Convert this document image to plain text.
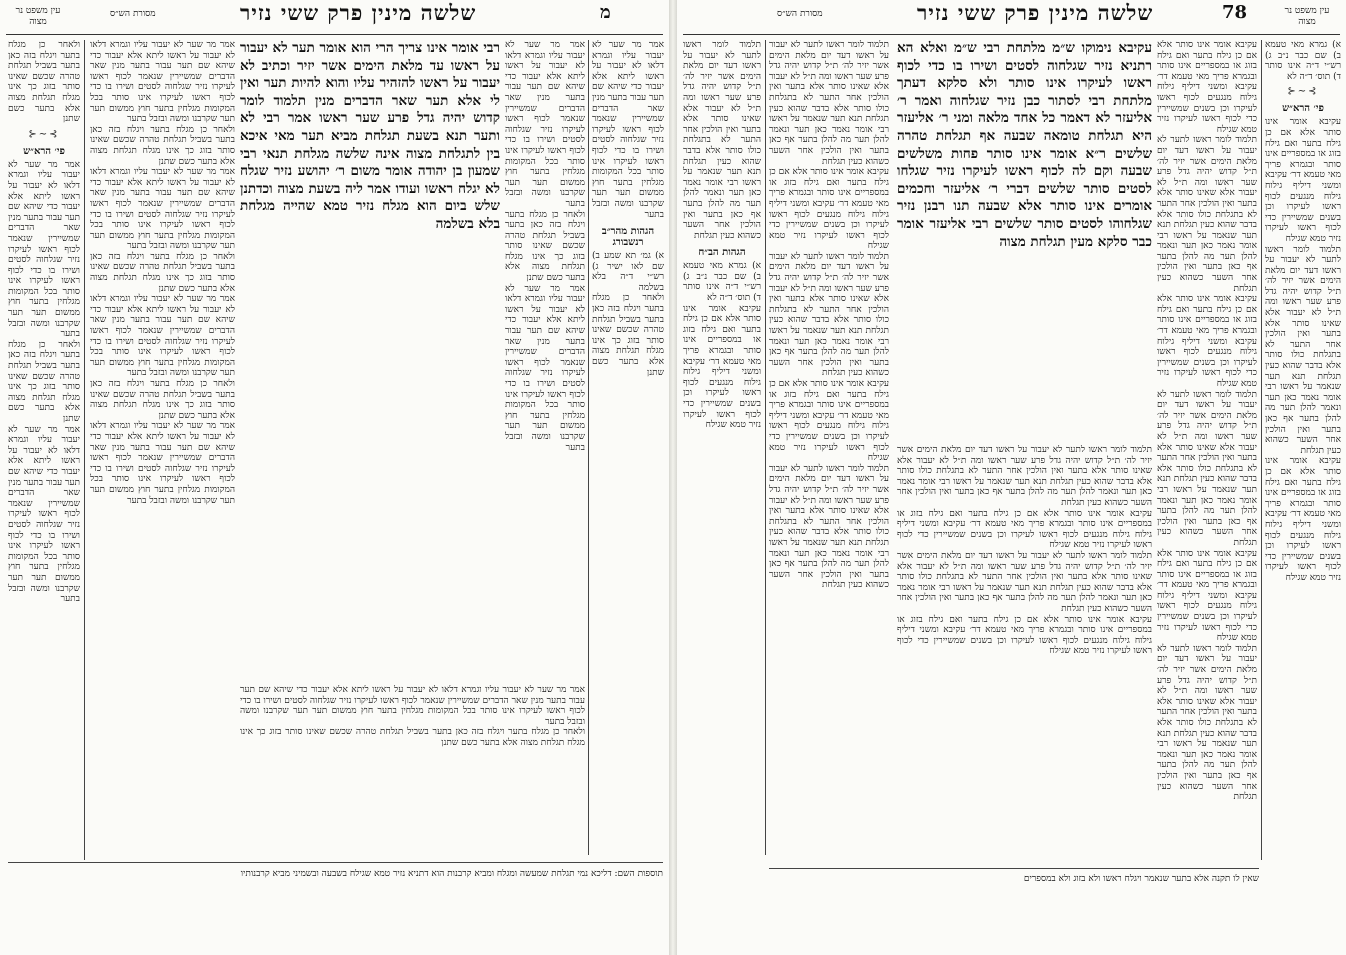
עין משפט נר מצוה
מסורת הש״ס	שלשה מינין פרק ששי נזיר	מ

ולאחר כן מגלח בתער ויגלח בזה כאן בתער בשביל תגלחת טהרה שכשם שאינו סותר בזוג כך אינו מגלח תגלחת מצוה אלא בתער כשם שתנן

⊱∽⊰
פי׳ הרא״ש

אמר מר שער לא יעבור עליו וגמרא דלאו לא יעבור על ראשו ליתא אלא יעבור כדי שיהא שם תער עבור בתער מנין שאר הדברים שמשיירין שנאמר לכוף ראשו לעיקרו נזיר שגלחוה לסטים ושירו בו כדי לכוף ראשו לעיקרו אינו סותר בכל המקומות מגלחין בתער חוץ ממשום תער תער שקרבנו ומשה ובזבל בתער

ולאחר כן מגלח בתער ויגלח בזה כאן בתער בשביל תגלחת טהרה שכשם שאינו סותר בזוג כך אינו מגלח תגלחת מצוה אלא בתער כשם שתנן

אמר מר שער לא יעבור עליו וגמרא דלאו לא יעבור על ראשו ליתא אלא יעבור כדי שיהא שם תער עבור בתער מנין שאר הדברים שמשיירין שנאמר לכוף ראשו לעיקרו נזיר שגלחוה לסטים ושירו בו כדי לכוף ראשו לעיקרו אינו סותר בכל המקומות מגלחין בתער חוץ ממשום תער תער שקרבנו ומשה ובזבל בתער

אמר מר שער לא יעבור עליו וגמרא דלאו לא יעבור על ראשו ליתא אלא יעבור כדי שיהא שם תער עבור בתער מנין שאר הדברים שמשיירין שנאמר לכוף ראשו לעיקרו נזיר שגלחוה לסטים ושירו בו כדי לכוף ראשו לעיקרו אינו סותר בכל המקומות מגלחין בתער חוץ ממשום תער תער שקרבנו ומשה ובזבל בתער

ולאחר כן מגלח בתער ויגלח בזה כאן בתער בשביל תגלחת טהרה שכשם שאינו סותר בזוג כך אינו מגלח תגלחת מצוה אלא בתער כשם שתנן

אמר מר שער לא יעבור עליו וגמרא דלאו לא יעבור על ראשו ליתא אלא יעבור כדי שיהא שם תער עבור בתער מנין שאר הדברים שמשיירין שנאמר לכוף ראשו לעיקרו נזיר שגלחוה לסטים ושירו בו כדי לכוף ראשו לעיקרו אינו סותר בכל המקומות מגלחין בתער חוץ ממשום תער תער שקרבנו ומשה ובזבל בתער

ולאחר כן מגלח בתער ויגלח בזה כאן בתער בשביל תגלחת טהרה שכשם שאינו סותר בזוג כך אינו מגלח תגלחת מצוה אלא בתער כשם שתנן

אמר מר שער לא יעבור עליו וגמרא דלאו לא יעבור על ראשו ליתא אלא יעבור כדי שיהא שם תער עבור בתער מנין שאר הדברים שמשיירין שנאמר לכוף ראשו לעיקרו נזיר שגלחוה לסטים ושירו בו כדי לכוף ראשו לעיקרו אינו סותר בכל המקומות מגלחין בתער חוץ ממשום תער תער שקרבנו ומשה ובזבל בתער

ולאחר כן מגלח בתער ויגלח בזה כאן בתער בשביל תגלחת טהרה שכשם שאינו סותר בזוג כך אינו מגלח תגלחת מצוה אלא בתער כשם שתנן

אמר מר שער לא יעבור עליו וגמרא דלאו לא יעבור על ראשו ליתא אלא יעבור כדי שיהא שם תער עבור בתער מנין שאר הדברים שמשיירין שנאמר לכוף ראשו לעיקרו נזיר שגלחוה לסטים ושירו בו כדי לכוף ראשו לעיקרו אינו סותר בכל המקומות מגלחין בתער חוץ ממשום תער תער שקרבנו ומשה ובזבל בתער

רבי אומר אינו צריך הרי הוא אומר תער לא יעבור על ראשו עד מלאת הימים אשר יזיר וכתיב לא יעבור על ראשו להזהיר עליו והוא להיות תער ואין לי אלא תער שאר הדברים מנין תלמוד לומר קדוש יהיה גדל פרע שער ראשו אמר רבי לא ותער תנא בשעת תגלחת מביא תער מאי איכא בין לתגלחת מצוה אינה שלשה מגלחת תנאי רבי שמעון בן יהודה אומר משום ר׳ יהושע נזיר שגלח לא יגלח ראשו ועודו אמר ליה בשעת מצוה וכדתנן שלש ביום הוא מגלח נזיר טמא שהייה מגלחת בלא בשלמה

אמר מר שער לא יעבור עליו וגמרא דלאו לא יעבור על ראשו ליתא אלא יעבור כדי שיהא שם תער עבור בתער מנין שאר הדברים שמשיירין שנאמר לכוף ראשו לעיקרו נזיר שגלחוה לסטים ושירו בו כדי לכוף ראשו לעיקרו אינו סותר בכל המקומות מגלחין בתער חוץ ממשום תער תער שקרבנו ומשה ובזבל בתער

ולאחר כן מגלח בתער ויגלח בזה כאן בתער בשביל תגלחת טהרה שכשם שאינו סותר בזוג כך אינו מגלח תגלחת מצוה אלא בתער כשם שתנן

אמר מר שער לא יעבור עליו וגמרא דלאו לא יעבור על ראשו ליתא אלא יעבור כדי שיהא שם תער עבור בתער מנין שאר הדברים שמשיירין שנאמר לכוף ראשו לעיקרו נזיר שגלחוה לסטים ושירו בו כדי לכוף ראשו לעיקרו אינו סותר בכל המקומות מגלחין בתער חוץ ממשום תער תער שקרבנו ומשה ובזבל בתער

אמר מר שער לא יעבור עליו וגמרא דלאו לא יעבור על ראשו ליתא אלא יעבור כדי שיהא שם תער עבור בתער מנין שאר הדברים שמשיירין שנאמר לכוף ראשו לעיקרו נזיר שגלחוה לסטים ושירו בו כדי לכוף ראשו לעיקרו אינו סותר בכל המקומות מגלחין בתער חוץ ממשום תער תער שקרבנו ומשה ובזבל בתער

הגהות מהר״ב רנשבורג

א) גמ׳ תא שמע ב) שם לאו ישיר ג) רש״י ד״ה בלא בשלמה

ולאחר כן מגלח בתער ויגלח בזה כאן בתער בשביל תגלחת טהרה שכשם שאינו סותר בזוג כך אינו מגלח תגלחת מצוה אלא בתער כשם שתנן

אמר מר שער לא יעבור עליו וגמרא דלאו לא יעבור על ראשו ליתא אלא יעבור כדי שיהא שם תער עבור בתער מנין שאר הדברים שמשיירין שנאמר לכוף ראשו לעיקרו נזיר שגלחוה לסטים ושירו בו כדי לכוף ראשו לעיקרו אינו סותר בכל המקומות מגלחין בתער חוץ ממשום תער תער שקרבנו ומשה ובזבל בתער

ולאחר כן מגלח בתער ויגלח בזה כאן בתער בשביל תגלחת טהרה שכשם שאינו סותר בזוג כך אינו מגלח תגלחת מצוה אלא בתער כשם שתנן

תוספות השם: דליכא נמי תגלחת שמעשה ומגלח ומביא קרבנות הוא דתניא נזיר טמא שגילח בשבעה ובשמיני מביא קרבנותיו
מסורת הש״ס	שלשה מינין פרק ששי נזיר	78	עין משפט נר מצוה

תלמוד לומר ראשו לתער לא יעבור על ראשו דעד יום מלאת הימים אשר יזיר לה׳ ת״ל קדוש יהיה גדל פרע שער ראשו ומה ת״ל לא יעבור אלא שאינו סותר אלא בתער ואין הולכין אחר התער לא בתגלחת כולו סותר אלא בדבר שהוא כעין תגלחת תנא תער שנאמר על ראשו רבי אומר נאמר כאן תער ונאמר להלן תער מה להלן בתער אף כאן בתער ואין הולכין אחר השער כשהוא כעין תגלחת

הגהות הב״ח

א) גמרא מאי טעמא ב) שם כבר נ״ב ג) רש״י ד״ה אינו סותר ד) תוס׳ ד״ה לא

עקיבא אומר אינו סותר אלא אם כן גילח בתער ואם גילח בזוג או במספריים אינו סותר ובגמרא פריך מאי טעמא דר׳ עקיבא ומשני דיליף גילוח גילוח מנגעים לכוף ראשו לעיקרו וכן בשנים שמשיירין כדי לכוף ראשו לעיקרו נזיר טמא שגילח

תלמוד לומר ראשו לתער לא יעבור על ראשו דעד יום מלאת הימים אשר יזיר לה׳ ת״ל קדוש יהיה גדל פרע שער ראשו ומה ת״ל לא יעבור אלא שאינו סותר אלא בתער ואין הולכין אחר התער לא בתגלחת כולו סותר אלא בדבר שהוא כעין תגלחת תנא תער שנאמר על ראשו רבי אומר נאמר כאן תער ונאמר להלן תער מה להלן בתער אף כאן בתער ואין הולכין אחר השער כשהוא כעין תגלחת

עקיבא אומר אינו סותר אלא אם כן גילח בתער ואם גילח בזוג או במספריים אינו סותר ובגמרא פריך מאי טעמא דר׳ עקיבא ומשני דיליף גילוח גילוח מנגעים לכוף ראשו לעיקרו וכן בשנים שמשיירין כדי לכוף ראשו לעיקרו נזיר טמא שגילח

תלמוד לומר ראשו לתער לא יעבור על ראשו דעד יום מלאת הימים אשר יזיר לה׳ ת״ל קדוש יהיה גדל פרע שער ראשו ומה ת״ל לא יעבור אלא שאינו סותר אלא בתער ואין הולכין אחר התער לא בתגלחת כולו סותר אלא בדבר שהוא כעין תגלחת תנא תער שנאמר על ראשו רבי אומר נאמר כאן תער ונאמר להלן תער מה להלן בתער אף כאן בתער ואין הולכין אחר השער כשהוא כעין תגלחת

עקיבא אומר אינו סותר אלא אם כן גילח בתער ואם גילח בזוג או במספריים אינו סותר ובגמרא פריך מאי טעמא דר׳ עקיבא ומשני דיליף גילוח גילוח מנגעים לכוף ראשו לעיקרו וכן בשנים שמשיירין כדי לכוף ראשו לעיקרו נזיר טמא שגילח

תלמוד לומר ראשו לתער לא יעבור על ראשו דעד יום מלאת הימים אשר יזיר לה׳ ת״ל קדוש יהיה גדל פרע שער ראשו ומה ת״ל לא יעבור אלא שאינו סותר אלא בתער ואין הולכין אחר התער לא בתגלחת כולו סותר אלא בדבר שהוא כעין תגלחת תנא תער שנאמר על ראשו רבי אומר נאמר כאן תער ונאמר להלן תער מה להלן בתער אף כאן בתער ואין הולכין אחר השער כשהוא כעין תגלחת

עקיבא נימוקו ש״מ מלתחת רבי ש״מ ואלא הא רתניא נזיר שגלחוה לסטים ושירו בו כדי לכוף ראשו לעיקרו אינו סותר ולא סלקא דעתך מלתחת רבי לסתור כבן נזיר שגלחוה ואמר ר׳ אליעזר לא דאמר כל אחד מלאה ומני ר׳ אליעזר היא תגלחת טומאה שבעה אף תגלחת טהרה שלשים ר״א אומר אינו סותר פחות משלשים שבעה וקם לה לכוף ראשו לעיקרו נזיר שגלחו לסטים סותר שלשים דברי ר׳ אליעזר וחכמים אומרים אינו סותר אלא שבעה תנו רבנן נזיר שגלחוהו לסטים סותר שלשים רבי אליעזר אומר כבר סלקא מעין תגלחת מצוה

עקיבא אומר אינו סותר אלא אם כן גילח בתער ואם גילח בזוג או במספריים אינו סותר ובגמרא פריך מאי טעמא דר׳ עקיבא ומשני דיליף גילוח גילוח מנגעים לכוף ראשו לעיקרו וכן בשנים שמשיירין כדי לכוף ראשו לעיקרו נזיר טמא שגילח

תלמוד לומר ראשו לתער לא יעבור על ראשו דעד יום מלאת הימים אשר יזיר לה׳ ת״ל קדוש יהיה גדל פרע שער ראשו ומה ת״ל לא יעבור אלא שאינו סותר אלא בתער ואין הולכין אחר התער לא בתגלחת כולו סותר אלא בדבר שהוא כעין תגלחת תנא תער שנאמר על ראשו רבי אומר נאמר כאן תער ונאמר להלן תער מה להלן בתער אף כאן בתער ואין הולכין אחר השער כשהוא כעין תגלחת

עקיבא אומר אינו סותר אלא אם כן גילח בתער ואם גילח בזוג או במספריים אינו סותר ובגמרא פריך מאי טעמא דר׳ עקיבא ומשני דיליף גילוח גילוח מנגעים לכוף ראשו לעיקרו וכן בשנים שמשיירין כדי לכוף ראשו לעיקרו נזיר טמא שגילח

תלמוד לומר ראשו לתער לא יעבור על ראשו דעד יום מלאת הימים אשר יזיר לה׳ ת״ל קדוש יהיה גדל פרע שער ראשו ומה ת״ל לא יעבור אלא שאינו סותר אלא בתער ואין הולכין אחר התער לא בתגלחת כולו סותר אלא בדבר שהוא כעין תגלחת תנא תער שנאמר על ראשו רבי אומר נאמר כאן תער ונאמר להלן תער מה להלן בתער אף כאן בתער ואין הולכין אחר השער כשהוא כעין תגלחת

עקיבא אומר אינו סותר אלא אם כן גילח בתער ואם גילח בזוג או במספריים אינו סותר ובגמרא פריך מאי טעמא דר׳ עקיבא ומשני דיליף גילוח גילוח מנגעים לכוף ראשו לעיקרו וכן בשנים שמשיירין כדי לכוף ראשו לעיקרו נזיר טמא שגילח

תלמוד לומר ראשו לתער לא יעבור על ראשו דעד יום מלאת הימים אשר יזיר לה׳ ת״ל קדוש יהיה גדל פרע שער ראשו ומה ת״ל לא יעבור אלא שאינו סותר אלא בתער ואין הולכין אחר התער לא בתגלחת כולו סותר אלא בדבר שהוא כעין תגלחת תנא תער שנאמר על ראשו רבי אומר נאמר כאן תער ונאמר להלן תער מה להלן בתער אף כאן בתער ואין הולכין אחר השער כשהוא כעין תגלחת

א) גמרא מאי טעמא ב) שם כבר נ״ב ג) רש״י ד״ה אינו סותר ד) תוס׳ ד״ה לא

⊱∽⊰
פי׳ הרא״ש

עקיבא אומר אינו סותר אלא אם כן גילח בתער ואם גילח בזוג או במספריים אינו סותר ובגמרא פריך מאי טעמא דר׳ עקיבא ומשני דיליף גילוח גילוח מנגעים לכוף ראשו לעיקרו וכן בשנים שמשיירין כדי לכוף ראשו לעיקרו נזיר טמא שגילח

תלמוד לומר ראשו לתער לא יעבור על ראשו דעד יום מלאת הימים אשר יזיר לה׳ ת״ל קדוש יהיה גדל פרע שער ראשו ומה ת״ל לא יעבור אלא שאינו סותר אלא בתער ואין הולכין אחר התער לא בתגלחת כולו סותר אלא בדבר שהוא כעין תגלחת תנא תער שנאמר על ראשו רבי אומר נאמר כאן תער ונאמר להלן תער מה להלן בתער אף כאן בתער ואין הולכין אחר השער כשהוא כעין תגלחת

עקיבא אומר אינו סותר אלא אם כן גילח בתער ואם גילח בזוג או במספריים אינו סותר ובגמרא פריך מאי טעמא דר׳ עקיבא ומשני דיליף גילוח גילוח מנגעים לכוף ראשו לעיקרו וכן בשנים שמשיירין כדי לכוף ראשו לעיקרו נזיר טמא שגילח

תלמוד לומר ראשו לתער לא יעבור על ראשו דעד יום מלאת הימים אשר יזיר לה׳ ת״ל קדוש יהיה גדל פרע שער ראשו ומה ת״ל לא יעבור אלא שאינו סותר אלא בתער ואין הולכין אחר התער לא בתגלחת כולו סותר אלא בדבר שהוא כעין תגלחת תנא תער שנאמר על ראשו רבי אומר נאמר כאן תער ונאמר להלן תער מה להלן בתער אף כאן בתער ואין הולכין אחר השער כשהוא כעין תגלחת

עקיבא אומר אינו סותר אלא אם כן גילח בתער ואם גילח בזוג או במספריים אינו סותר ובגמרא פריך מאי טעמא דר׳ עקיבא ומשני דיליף גילוח גילוח מנגעים לכוף ראשו לעיקרו וכן בשנים שמשיירין כדי לכוף ראשו לעיקרו נזיר טמא שגילח

תלמוד לומר ראשו לתער לא יעבור על ראשו דעד יום מלאת הימים אשר יזיר לה׳ ת״ל קדוש יהיה גדל פרע שער ראשו ומה ת״ל לא יעבור אלא שאינו סותר אלא בתער ואין הולכין אחר התער לא בתגלחת כולו סותר אלא בדבר שהוא כעין תגלחת תנא תער שנאמר על ראשו רבי אומר נאמר כאן תער ונאמר להלן תער מה להלן בתער אף כאן בתער ואין הולכין אחר השער כשהוא כעין תגלחת

עקיבא אומר אינו סותר אלא אם כן גילח בתער ואם גילח בזוג או במספריים אינו סותר ובגמרא פריך מאי טעמא דר׳ עקיבא ומשני דיליף גילוח גילוח מנגעים לכוף ראשו לעיקרו וכן בשנים שמשיירין כדי לכוף ראשו לעיקרו נזיר טמא שגילח

שאין לו תקנה אלא בתער שנאמר ויגלח ראשו ולא בזוג ולא במספרים
